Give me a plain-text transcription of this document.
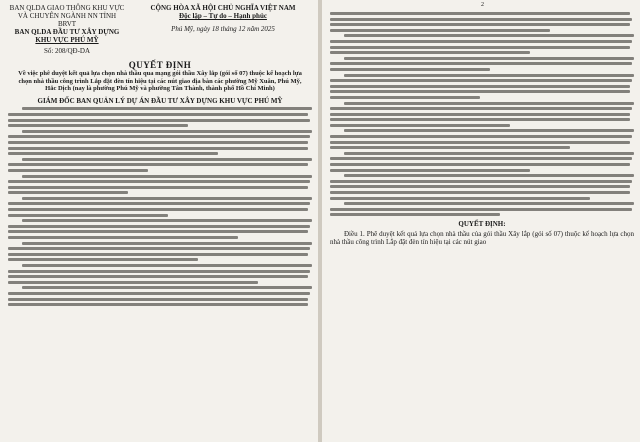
BAN QLDA GIAO THÔNG KHU VỰC
VÀ CHUYÊN NGÀNH NN TỈNH BRVT
BAN QLDA ĐẦU TƯ XÂY DỰNG
KHU VỰC PHÚ MỸ
Số: 208/QĐ-DA
CỘNG HÒA XÃ HỘI CHỦ NGHĨA VIỆT NAM
Độc lập – Tự do – Hạnh phúc
Phú Mỹ, ngày 18 tháng 12 năm 2025
QUYẾT ĐỊNH
Về việc phê duyệt kết quả lựa chọn nhà thầu qua mạng gói thầu Xây lắp (gói số 07) thuộc kế hoạch lựa chọn nhà thầu công trình Lắp đặt đèn tín hiệu tại các nút giao địa bàn các phường Mỹ Xuân, Phú Mỹ, Hắc Dịch (nay là phường Phú Mỹ và phường Tân Thành, thành phố Hồ Chí Minh)
GIÁM ĐỐC BAN QUẢN LÝ DỰ ÁN ĐẦU TƯ XÂY DỰNG KHU VỰC PHÚ MỸ
2
QUYẾT ĐỊNH:
Điều 1. Phê duyệt kết quả lựa chọn nhà thầu của gói thầu Xây lắp (gói số 07) thuộc kế hoạch lựa chọn nhà thầu công trình Lắp đặt đèn tín hiệu tại các nút giao
